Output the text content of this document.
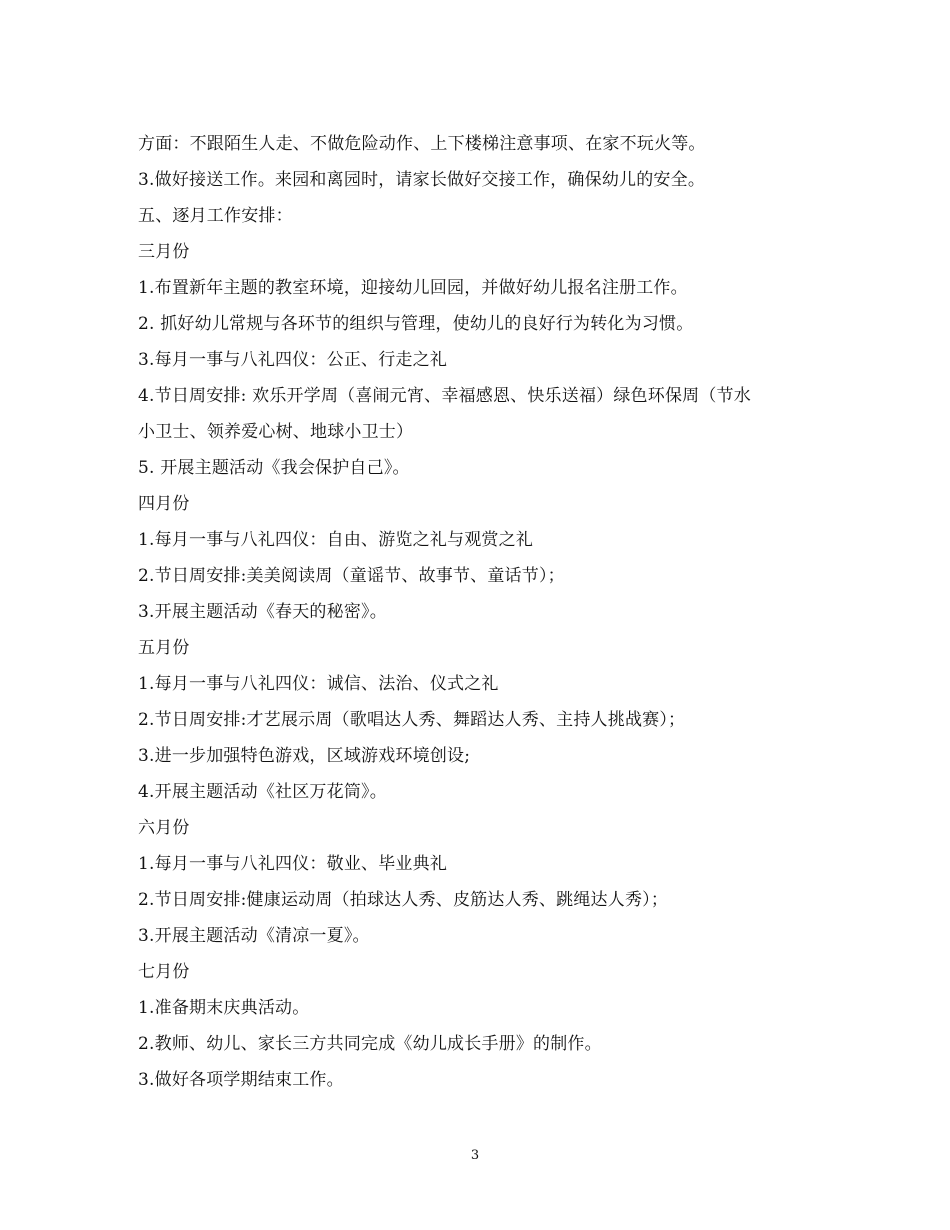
方面：不跟陌生人走、不做危险动作、上下楼梯注意事项、在家不玩火等。
3.做好接送工作。来园和离园时，请家长做好交接工作，确保幼儿的安全。
五、逐月工作安排：
三月份
1.布置新年主题的教室环境，迎接幼儿回园，并做好幼儿报名注册工作。
2. 抓好幼儿常规与各环节的组织与管理，使幼儿的良好行为转化为习惯。
3.每月一事与八礼四仪：公正、行走之礼
4.节日周安排: 欢乐开学周（喜闹元宵、幸福感恩、快乐送福）绿色环保周（节水
小卫士、领养爱心树、地球小卫士）
5. 开展主题活动《我会保护自己》。
四月份
1.每月一事与八礼四仪：自由、游览之礼与观赏之礼
2.节日周安排:美美阅读周（童谣节、故事节、童话节）；
3.开展主题活动《春天的秘密》。
五月份
1.每月一事与八礼四仪：诚信、法治、仪式之礼
2.节日周安排:才艺展示周（歌唱达人秀、舞蹈达人秀、主持人挑战赛）；
3.进一步加强特色游戏，区域游戏环境创设;
4.开展主题活动《社区万花筒》。
六月份
1.每月一事与八礼四仪：敬业、毕业典礼
2.节日周安排:健康运动周（拍球达人秀、皮筋达人秀、跳绳达人秀）；
3.开展主题活动《清凉一夏》。
七月份
1.准备期末庆典活动。
2.教师、幼儿、家长三方共同完成《幼儿成长手册》的制作。
3.做好各项学期结束工作。
3
